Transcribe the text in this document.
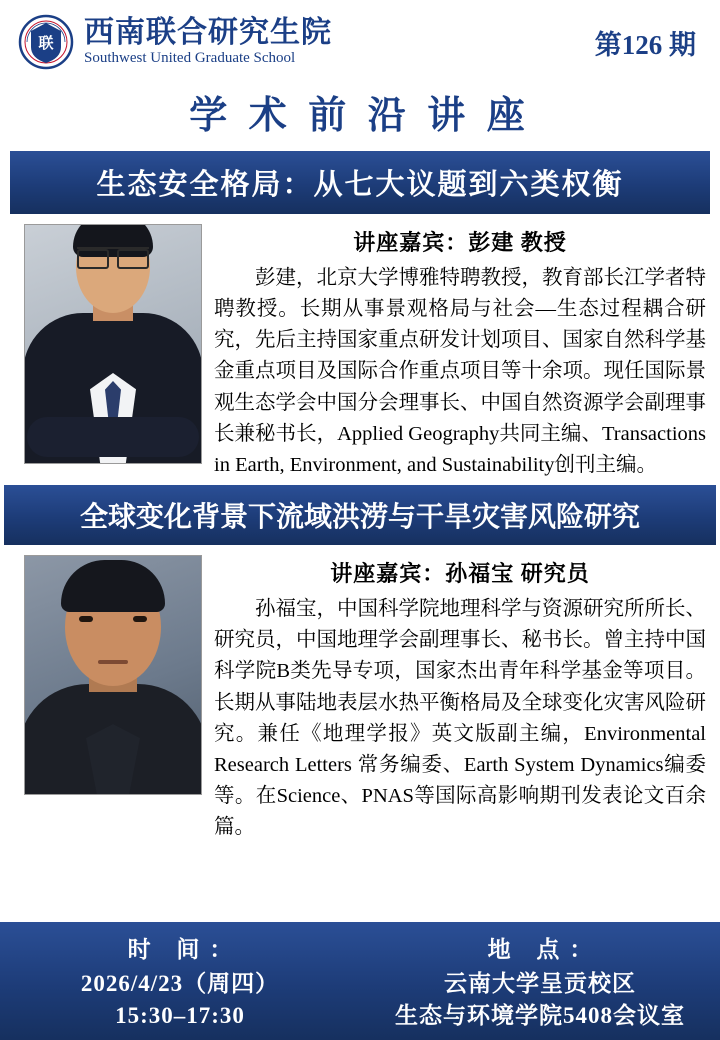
联 西南联合研究生院
Southwest United Graduate School	第126 期
学 术 前 沿 讲 座
生态安全格局：从七大议题到六类权衡
讲座嘉宾：彭建 教授
彭建，北京大学博雅特聘教授，教育部长江学者特聘教授。长期从事景观格局与社会—生态过程耦合研究，先后主持国家重点研发计划项目、国家自然科学基金重点项目及国际合作重点项目等十余项。现任国际景观生态学会中国分会理事长、中国自然资源学会副理事长兼秘书长，Applied Geography共同主编、Transactions in Earth, Environment, and Sustainability创刊主编。
全球变化背景下流域洪涝与干旱灾害风险研究
讲座嘉宾：孙福宝 研究员
孙福宝，中国科学院地理科学与资源研究所所长、研究员，中国地理学会副理事长、秘书长。曾主持中国科学院B类先导专项，国家杰出青年科学基金等项目。长期从事陆地表层水热平衡格局及全球变化灾害风险研究。兼任《地理学报》英文版副主编，Environmental Research Letters 常务编委、Earth System Dynamics编委等。在Science、PNAS等国际高影响期刊发表论文百余篇。
时 间：
2026/4/23（周四）
15:30–17:30
地 点：
云南大学呈贡校区
生态与环境学院5408会议室
